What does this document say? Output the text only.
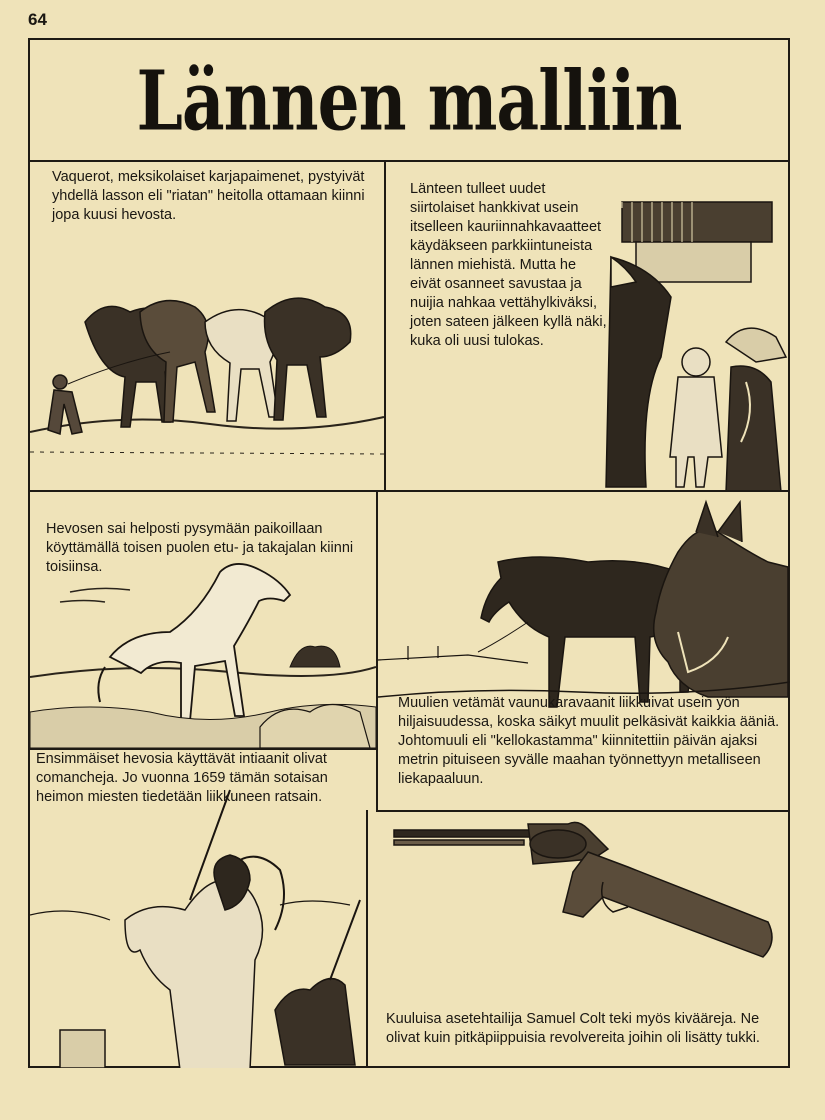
64
Lännen malliin

Vaquerot, meksikolaiset karjapaimenet, pystyivät yhdellä lasson eli "riatan" heitolla ottamaan kiinni jopa kuusi hevosta.

Länteen tulleet uudet siirtolaiset hankkivat usein itselleen kauriinnahkavaatteet käydäkseen parkkiintuneista lännen miehistä. Mutta he eivät osanneet savustaa ja nuijia nahkaa vettähylkiväksi, joten sateen jälkeen kyllä näki, kuka oli uusi tulokas.

Hevosen sai helposti pysymään paikoillaan köyttämällä toisen puolen etu- ja takajalan kiinni toisiinsa.

Muulien vetämät vaunukaravaanit liikkuivat usein yön hiljaisuudessa, koska säikyt muulit pelkäsivät kaikkia ääniä. Johtomuuli eli "kellokastamma" kiinnitettiin päivän ajaksi metrin pituiseen syvälle maahan työnnettyyn metalliseen liekapaaluun.

Ensimmäiset hevosia käyttävät intiaanit olivat comancheja. Jo vuonna 1659 tämän sotaisan heimon miesten tiedetään liikkuneen ratsain.

Kuuluisa asetehtailija Samuel Colt teki myös kivääreja. Ne olivat kuin pitkäpiippuisia revolvereita joihin oli lisätty tukki.
